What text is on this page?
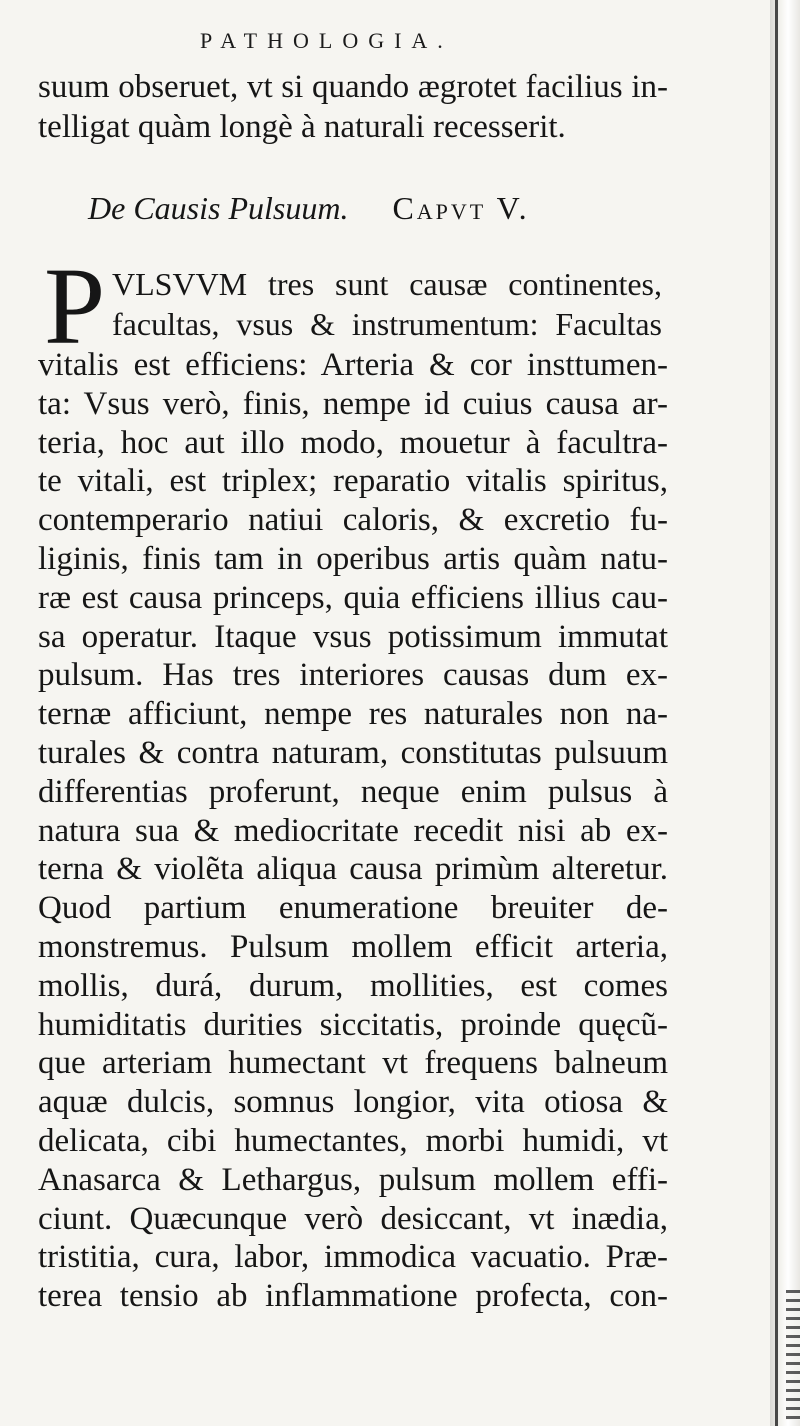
PATHOLOGIA.
suum obseruet, vt si quando ægrotet facilius in-
telligat quàm longè à naturali recesserit.
De Causis Pulsuum. CAPVT V.
P VLSVVM tres sunt causæ continentes,
facultas, vsus & instrumentum: Facultas
vitalis est efficiens: Arteria & cor insttumen-
ta: Vsus verò, finis, nempe id cuius causa ar-
teria, hoc aut illo modo, mouetur à facultra-
te vitali, est triplex; reparatio vitalis spiritus,
contemperario natiui caloris, & excretio fu-
liginis, finis tam in operibus artis quàm natu-
ræ est causa princeps, quia efficiens illius cau-
sa operatur. Itaque vsus potissimum immutat
pulsum. Has tres interiores causas dum ex-
ternæ afficiunt, nempe res naturales non na-
turales & contra naturam, constitutas pulsuum
differentias proferunt, neque enim pulsus à
natura sua & mediocritate recedit nisi ab ex-
terna & violẽta aliqua causa primùm alteretur.
Quod partium enumeratione breuiter de-
monstremus. Pulsum mollem efficit arteria,
mollis, durá, durum, mollities, est comes
humiditatis durities siccitatis, proinde quęcũ-
que arteriam humectant vt frequens balneum
aquæ dulcis, somnus longior, vita otiosa &
delicata, cibi humectantes, morbi humidi, vt
Anasarca & Lethargus, pulsum mollem effi-
ciunt. Quæcunque verò desiccant, vt inædia,
tristitia, cura, labor, immodica vacuatio. Præ-
terea tensio ab inflammatione profecta, con-
